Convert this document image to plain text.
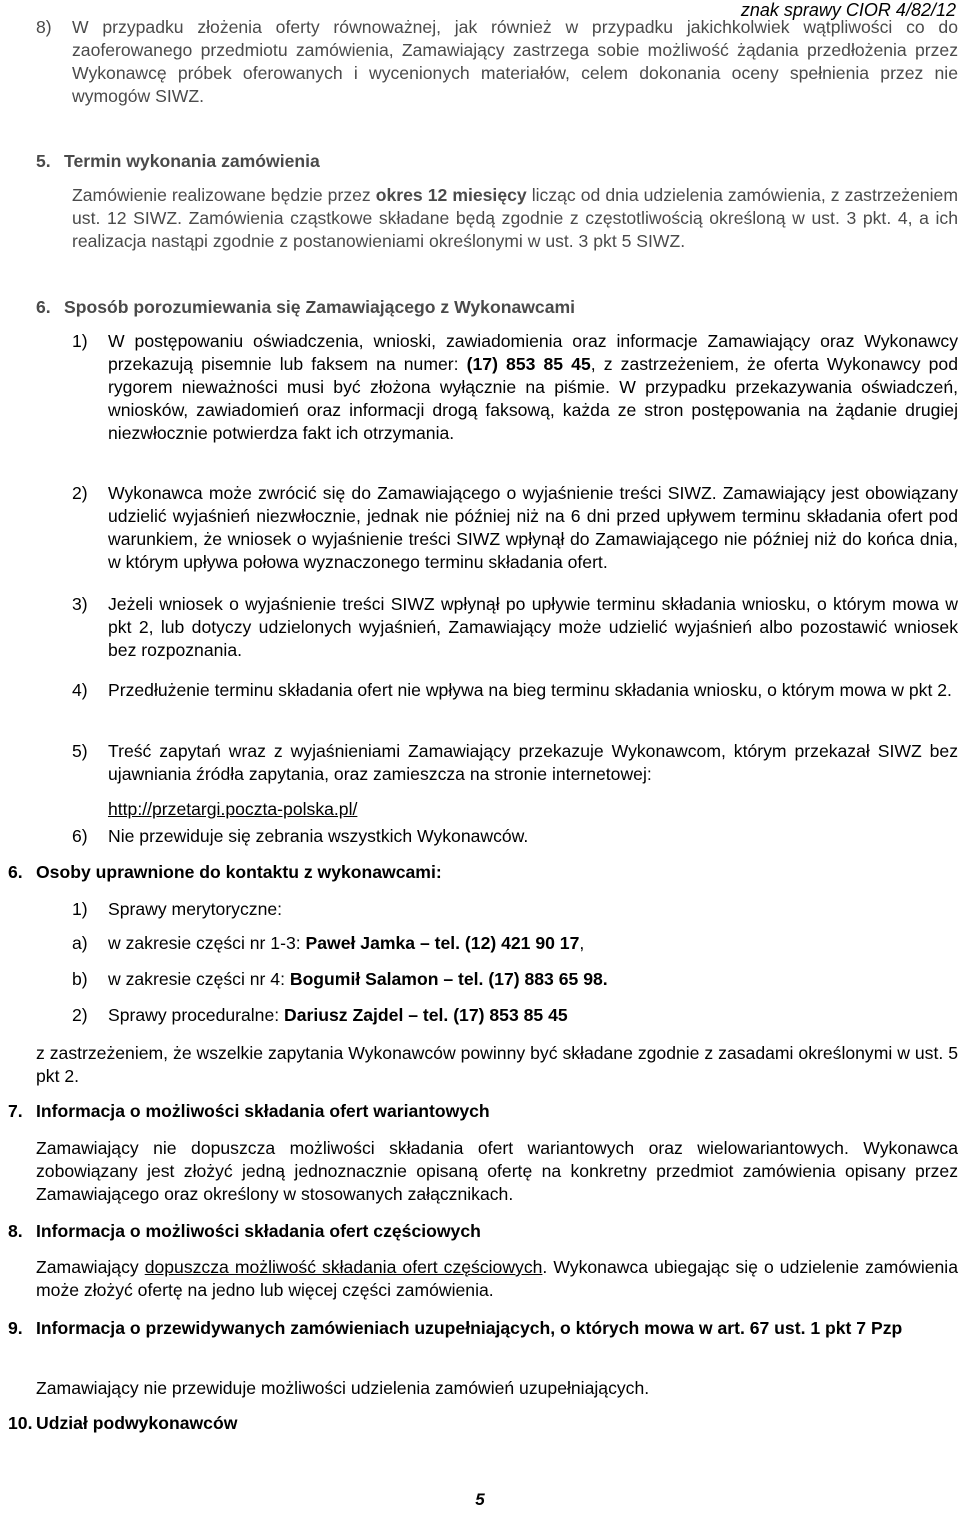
znak sprawy CIOR 4/82/12
8) W przypadku złożenia oferty równoważnej, jak również w przypadku jakichkolwiek wątpliwości co do zaoferowanego przedmiotu zamówienia, Zamawiający zastrzega sobie możliwość żądania przedłożenia przez Wykonawcę próbek oferowanych i wycenionych materiałów, celem dokonania oceny spełnienia przez nie wymogów SIWZ.

5. Termin wykonania zamówienia

Zamówienie realizowane będzie przez okres 12 miesięcy licząc od dnia udzielenia zamówienia, z zastrzeżeniem ust. 12 SIWZ. Zamówienia cząstkowe składane będą zgodnie z częstotliwością określoną w ust. 3 pkt. 4, a ich realizacja nastąpi zgodnie z postanowieniami określonymi w ust. 3 pkt 5 SIWZ.

6. Sposób porozumiewania się Zamawiającego z Wykonawcami
1) W postępowaniu oświadczenia, wnioski, zawiadomienia oraz informacje Zamawiający oraz Wykonawcy przekazują pisemnie lub faksem na numer: (17) 853 85 45, z zastrzeżeniem, że oferta Wykonawcy pod rygorem nieważności musi być złożona wyłącznie na piśmie. W przypadku przekazywania oświadczeń, wniosków, zawiadomień oraz informacji drogą faksową, każda ze stron postępowania na żądanie drugiej niezwłocznie potwierdza fakt ich otrzymania.

2) Wykonawca może zwrócić się do Zamawiającego o wyjaśnienie treści SIWZ. Zamawiający jest obowiązany udzielić wyjaśnień niezwłocznie, jednak nie później niż na 6 dni przed upływem terminu składania ofert pod warunkiem, że wniosek o wyjaśnienie treści SIWZ wpłynął do Zamawiającego nie później niż do końca dnia, w którym upływa połowa wyznaczonego terminu składania ofert.

3) Jeżeli wniosek o wyjaśnienie treści SIWZ wpłynął po upływie terminu składania wniosku, o którym mowa w pkt 2, lub dotyczy udzielonych wyjaśnień, Zamawiający może udzielić wyjaśnień albo pozostawić wniosek bez rozpoznania.

4) Przedłużenie terminu składania ofert nie wpływa na bieg terminu składania wniosku, o którym mowa w pkt 2.

5) Treść zapytań wraz z wyjaśnieniami Zamawiający przekazuje Wykonawcom, którym przekazał SIWZ bez ujawniania źródła zapytania, oraz zamieszcza na stronie internetowej:

http://przetargi.poczta-polska.pl/

6) Nie przewiduje się zebrania wszystkich Wykonawców.

6. Osoby uprawnione do kontaktu z wykonawcami:
1) Sprawy merytoryczne:

a) w zakresie części nr 1-3: Paweł Jamka – tel. (12) 421 90 17,

b) w zakresie części nr 4: Bogumił Salamon – tel. (17) 883 65 98.

2) Sprawy proceduralne: Dariusz Zajdel – tel. (17) 853 85 45

z zastrzeżeniem, że wszelkie zapytania Wykonawców powinny być składane zgodnie z zasadami określonymi w ust. 5 pkt 2.

7. Informacja o możliwości składania ofert wariantowych

Zamawiający nie dopuszcza możliwości składania ofert wariantowych oraz wielowariantowych. Wykonawca zobowiązany jest złożyć jedną jednoznacznie opisaną ofertę na konkretny przedmiot zamówienia opisany przez Zamawiającego oraz określony w stosowanych załącznikach.

8. Informacja o możliwości składania ofert częściowych

Zamawiający dopuszcza możliwość składania ofert częściowych. Wykonawca ubiegając się o udzielenie zamówienia może złożyć ofertę na jedno lub więcej części zamówienia.

9. Informacja o przewidywanych zamówieniach uzupełniających, o których mowa w art. 67 ust. 1 pkt 7 Pzp

Zamawiający nie przewiduje możliwości udzielenia zamówień uzupełniających.

10. Udział podwykonawców
5
